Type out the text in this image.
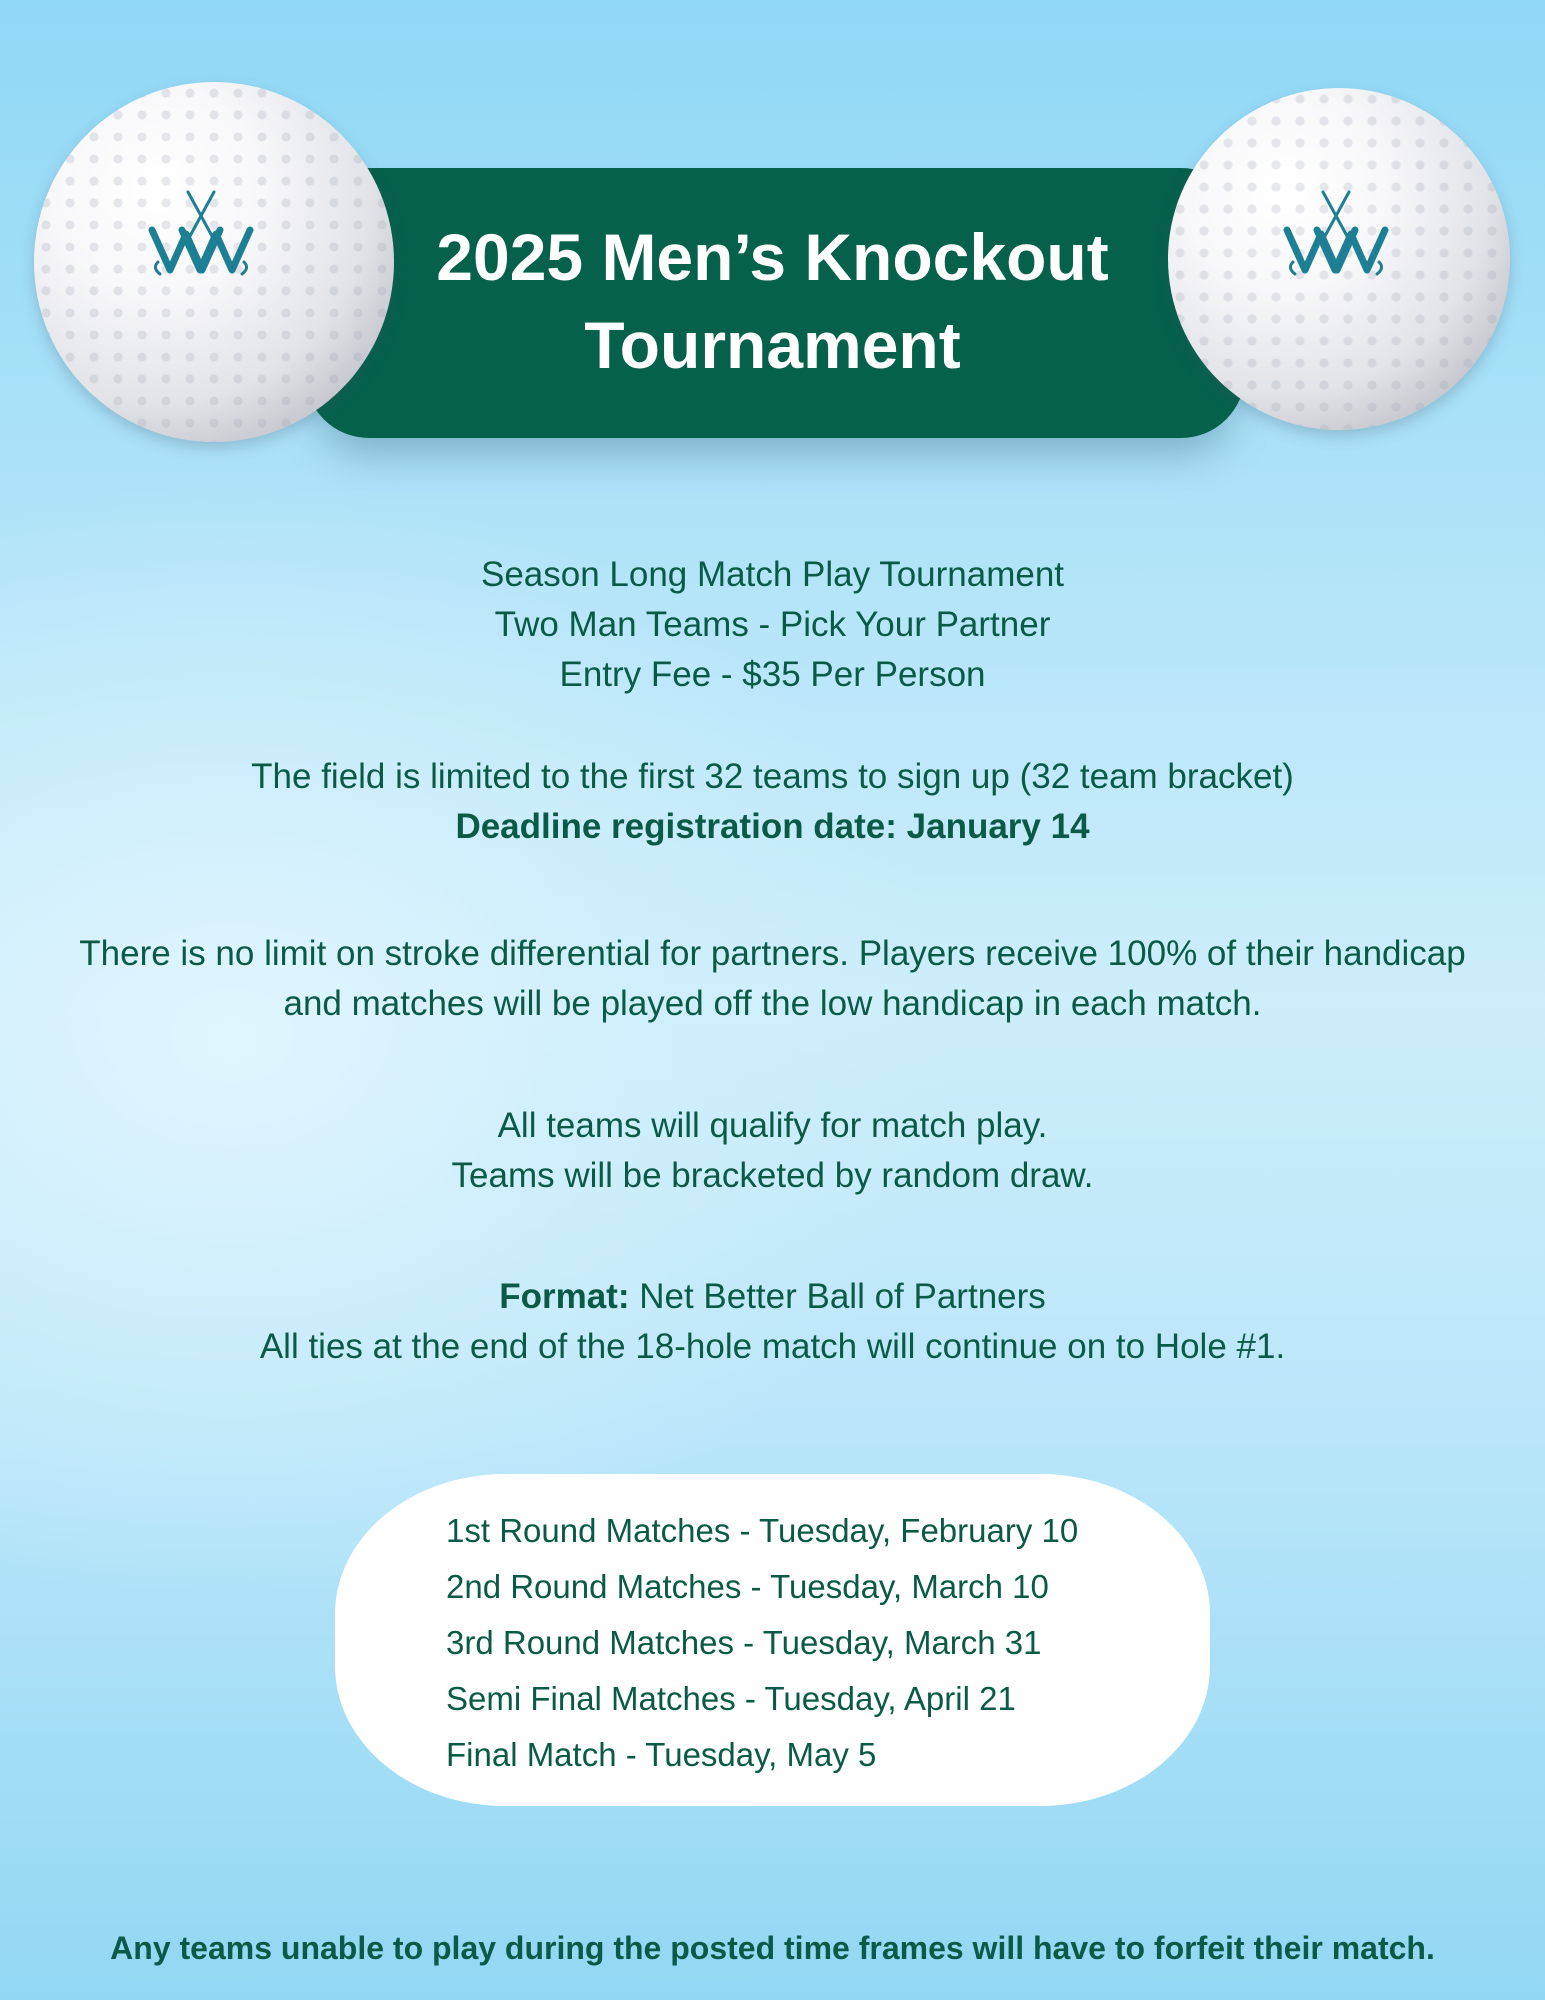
2025 Men’s Knockout
Tournament
Season Long Match Play Tournament
Two Man Teams - Pick Your Partner
Entry Fee - $35 Per Person
The field is limited to the first 32 teams to sign up (32 team bracket)
Deadline registration date: January 14
There is no limit on stroke differential for partners. Players receive 100% of their handicap
and matches will be played off the low handicap in each match.
All teams will qualify for match play.
Teams will be bracketed by random draw.
Format: Net Better Ball of Partners
All ties at the end of the 18-hole match will continue on to Hole #1.
1st Round Matches - Tuesday, February 10
2nd Round Matches - Tuesday, March 10
3rd Round Matches - Tuesday, March 31
Semi Final Matches - Tuesday, April 21
Final Match - Tuesday, May 5
Any teams unable to play during the posted time frames will have to forfeit their match.
